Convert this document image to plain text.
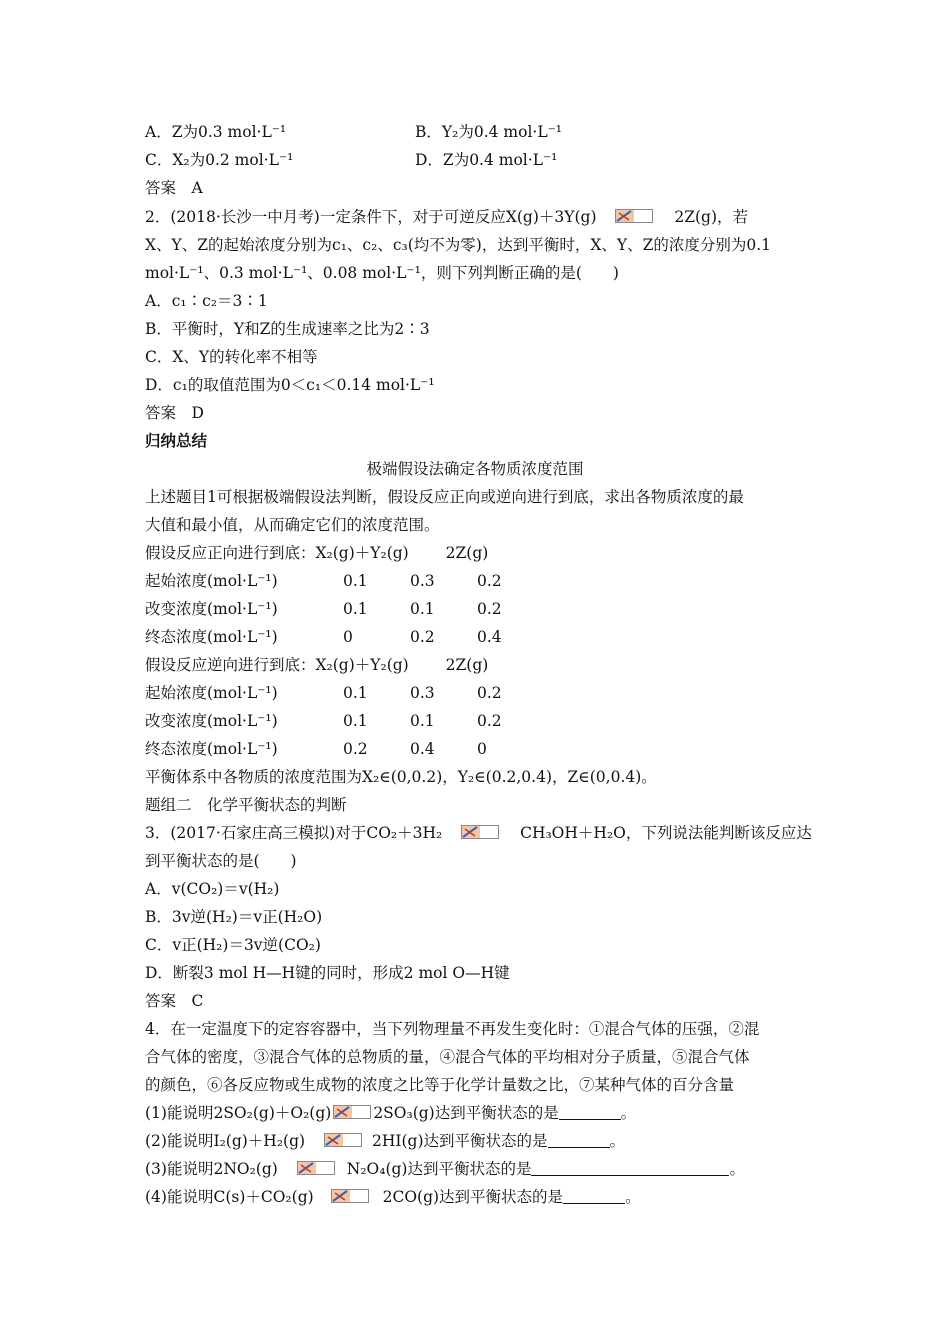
A．Z为0.3 mol·L⁻¹	B．Y₂为0.4 mol·L⁻¹
C．X₂为0.2 mol·L⁻¹	D．Z为0.4 mol·L⁻¹
答案　A
2．(2018·长沙一中月考)一定条件下，对于可逆反应X(g)＋3Y(g)	2Z(g)，若
X、Y、Z的起始浓度分别为c₁、c₂、c₃(均不为零)，达到平衡时，X、Y、Z的浓度分别为0.1
mol·L⁻¹、0.3 mol·L⁻¹、0.08 mol·L⁻¹，则下列判断正确的是(　　)
A．c₁∶c₂＝3∶1
B．平衡时，Y和Z的生成速率之比为2∶3
C．X、Y的转化率不相等
D．c₁的取值范围为0＜c₁＜0.14 mol·L⁻¹
答案　D
归纳总结
极端假设法确定各物质浓度范围
上述题目1可根据极端假设法判断，假设反应正向或逆向进行到底，求出各物质浓度的最
大值和最小值，从而确定它们的浓度范围。
假设反应正向进行到底：X₂(g)＋Y₂(g) 2Z(g)
起始浓度(mol·L⁻¹)	0.1	0.3	0.2
改变浓度(mol·L⁻¹)	0.1	0.1	0.2
终态浓度(mol·L⁻¹)	0	0.2	0.4
假设反应逆向进行到底：X₂(g)＋Y₂(g) 2Z(g)
起始浓度(mol·L⁻¹)	0.1	0.3	0.2
改变浓度(mol·L⁻¹)	0.1	0.1	0.2
终态浓度(mol·L⁻¹)	0.2	0.4	0
平衡体系中各物质的浓度范围为X₂∈(0,0.2)，Y₂∈(0.2,0.4)，Z∈(0,0.4)。
题组二　化学平衡状态的判断
3．(2017·石家庄高三模拟)对于CO₂＋3H₂	CH₃OH＋H₂O，下列说法能判断该反应达
到平衡状态的是(　　)
A．v(CO₂)＝v(H₂)
B．3v逆(H₂)＝v正(H₂O)
C．v正(H₂)＝3v逆(CO₂)
D．断裂3 mol H—H键的同时，形成2 mol O—H键
答案　C
4．在一定温度下的定容容器中，当下列物理量不再发生变化时：①混合气体的压强，②混
合气体的密度，③混合气体的总物质的量，④混合气体的平均相对分子质量，⑤混合气体
的颜色，⑥各反应物或生成物的浓度之比等于化学计量数之比，⑦某种气体的百分含量
(1)能说明2SO₂(g)＋O₂(g)	2SO₃(g)达到平衡状态的是	。
(2)能说明I₂(g)＋H₂(g)	2HI(g)达到平衡状态的是	。
(3)能说明2NO₂(g)	N₂O₄(g)达到平衡状态的是	。
(4)能说明C(s)＋CO₂(g)	2CO(g)达到平衡状态的是	。
